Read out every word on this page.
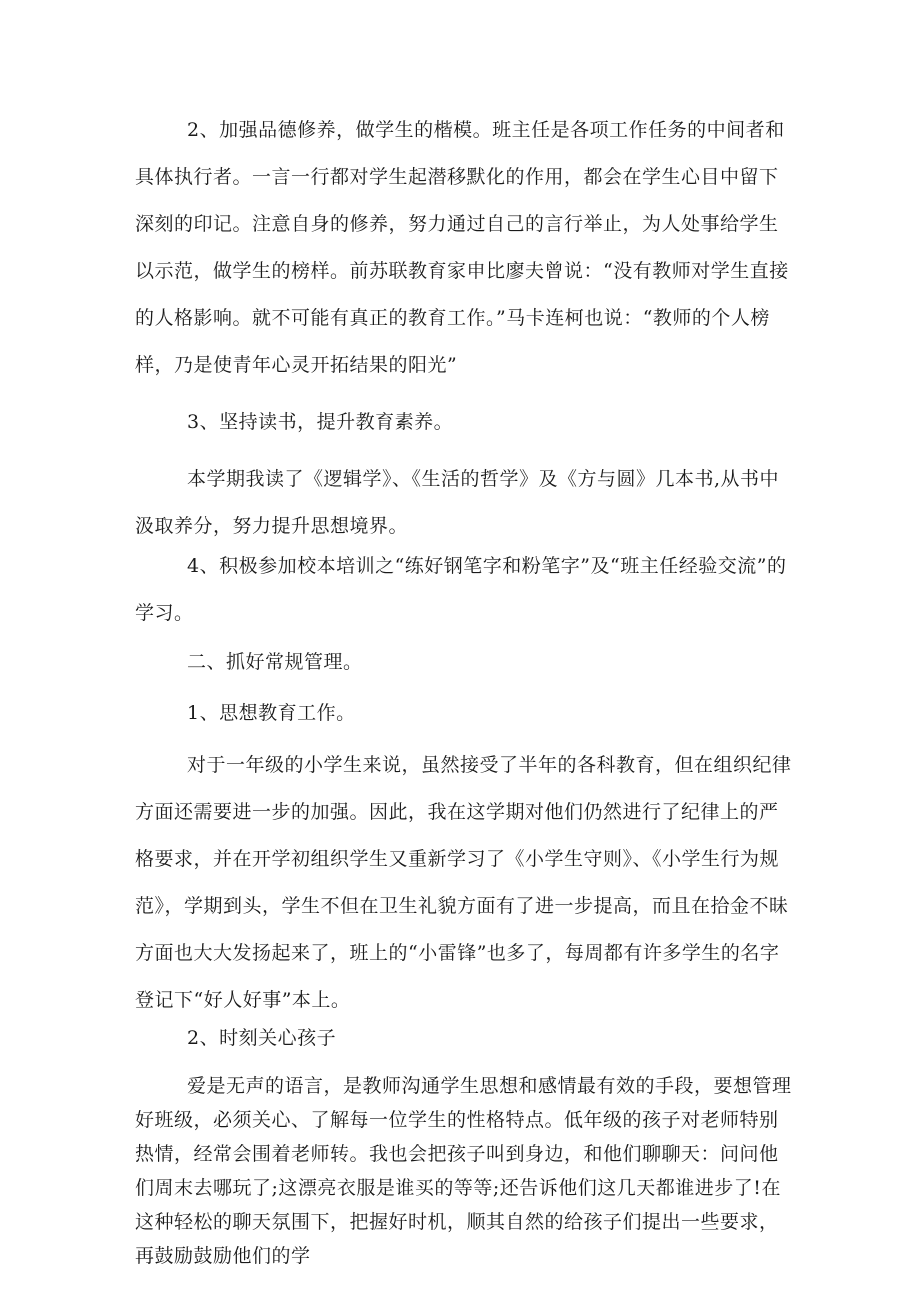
2、加强品德修养，做学生的楷模。班主任是各项工作任务的中间者和具体执行者。一言一行都对学生起潜移默化的作用，都会在学生心目中留下深刻的印记。注意自身的修养，努力通过自己的言行举止，为人处事给学生以示范，做学生的榜样。前苏联教育家申比廖夫曾说：“没有教师对学生直接的人格影响。就不可能有真正的教育工作。”马卡连柯也说：“教师的个人榜样，乃是使青年心灵开拓结果的阳光”

3、坚持读书，提升教育素养。

本学期我读了《逻辑学》、《生活的哲学》及《方与圆》几本书,从书中汲取养分，努力提升思想境界。

4、积极参加校本培训之“练好钢笔字和粉笔字”及“班主任经验交流”的学习。

二、抓好常规管理。

1、思想教育工作。

对于一年级的小学生来说，虽然接受了半年的各科教育，但在组织纪律方面还需要进一步的加强。因此，我在这学期对他们仍然进行了纪律上的严格要求，并在开学初组织学生又重新学习了《小学生守则》、《小学生行为规范》，学期到头，学生不但在卫生礼貌方面有了进一步提高，而且在拾金不昧方面也大大发扬起来了，班上的“小雷锋”也多了，每周都有许多学生的名字登记下“好人好事”本上。

2、时刻关心孩子

爱是无声的语言，是教师沟通学生思想和感情最有效的手段，要想管理好班级，必须关心、了解每一位学生的性格特点。低年级的孩子对老师特别热情，经常会围着老师转。我也会把孩子叫到身边，和他们聊聊天：问问他们周末去哪玩了;这漂亮衣服是谁买的等等;还告诉他们这几天都谁进步了!在这种轻松的聊天氛围下，把握好时机，顺其自然的给孩子们提出一些要求，再鼓励鼓励他们的学
